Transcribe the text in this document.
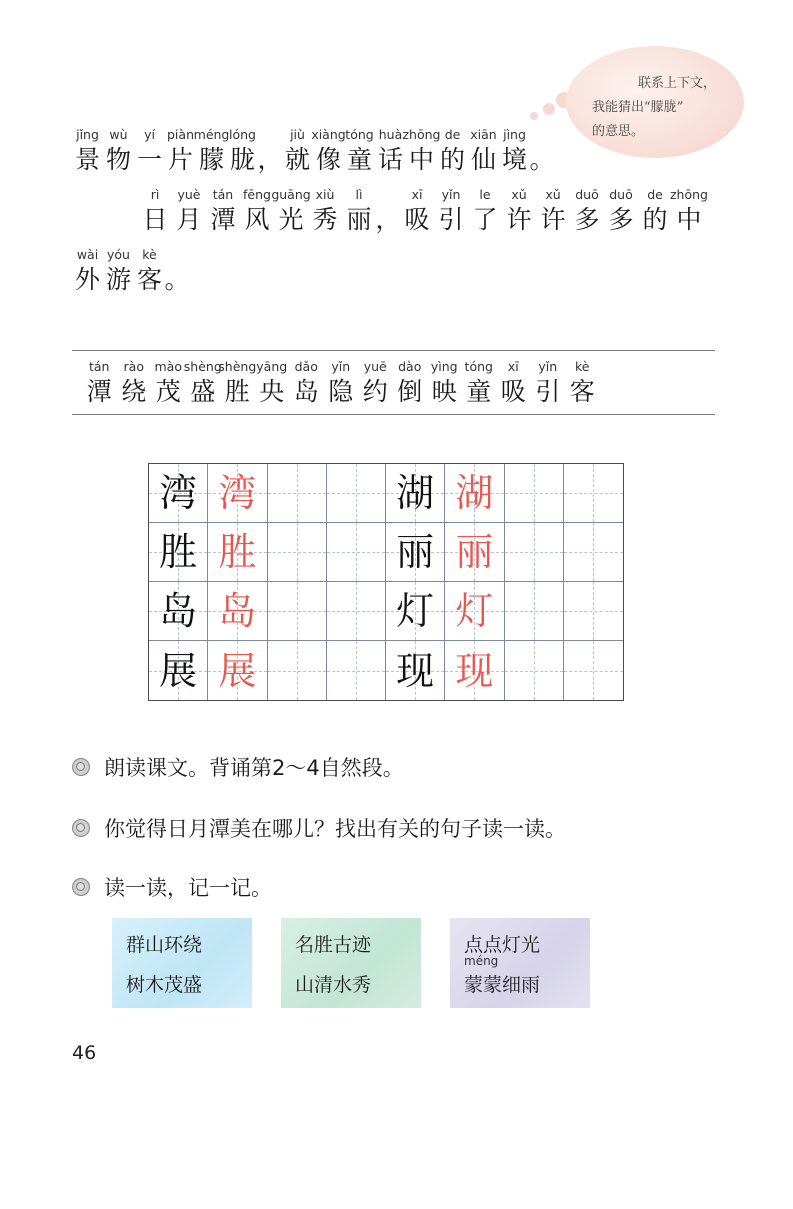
联系上下文，
我能猜出“朦胧”
的意思。
jǐng
景
wù
物
yí
一
piàn
片
méng
朦
lóng
胧 ，
jiù
就
xiàng
像
tóng
童
huà
话
zhōng
中
de
的
xiān
仙
jìng
境 。
rì
日
yuè
月
tán
潭
fēng
风
guāng
光
xiù
秀
lì
丽 ，
xī
吸
yǐn
引
le
了
xǔ
许
xǔ
许
duō
多
duō
多
de
的
zhōng
中
wài
外
yóu
游
kè
客 。
tán
潭
rào
绕
mào
茂
shèng
盛
shèng
胜
yāng
央
dǎo
岛
yǐn
隐
yuē
约
dào
倒
yìng
映
tóng
童
xī
吸
yǐn
引
kè
客
湾 湾	湖 湖
胜 胜	丽 丽
岛 岛	灯 灯
展 展	现 现
朗读课文。背诵第2～4自然段。
你觉得日月潭美在哪儿？找出有关的句子读一读。
读一读，记一记。
群山环绕
树木茂盛
名胜古迹
山清水秀
点点灯光
méng
蒙蒙细雨
46
